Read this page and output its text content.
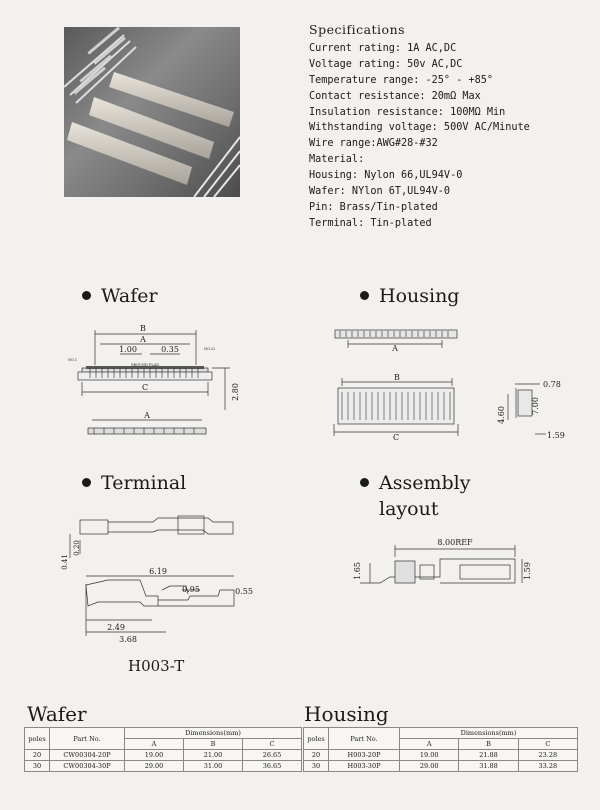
Specifications
Current rating: 1A AC,DC
Voltage rating: 50v AC,DC
Temperature range: -25° - +85°
Contact resistance: 20mΩ Max
Insulation resistance: 100MΩ Min
Withstanding voltage: 500V AC/Minute
Wire range:AWG#28-#32
Material:
Housing: Nylon 66,UL94V-0
Wafer: NYlon 6T,UL94V-0
Pin: Brass/Tin-plated
Terminal: Tin-plated
Wafer	Housing
Terminal	Assembly
layout
B
A
1.00	0.35
NO.1
NO.22
GROUND PLAN
C	2.80
A
A
B
C
0.78
4.60
7.00
1.59
6.19
0.95	0.55
2.49
3.68
0.41
0.20
H003-T
8.00REF
1.65	1.59
Wafer
poles	Part No.	Dimensions(mm)		
		A	B	C
20	CW00304-20P	19.00	21.00	26.65
30	CW00304-30P	29.00	31.00	36.65
Housing
poles	Part No.	Dimensions(mm)		
		A	B	C
20	H003-20P	19.00	21.88	23.28
30	H003-30P	29.00	31.88	33.28
